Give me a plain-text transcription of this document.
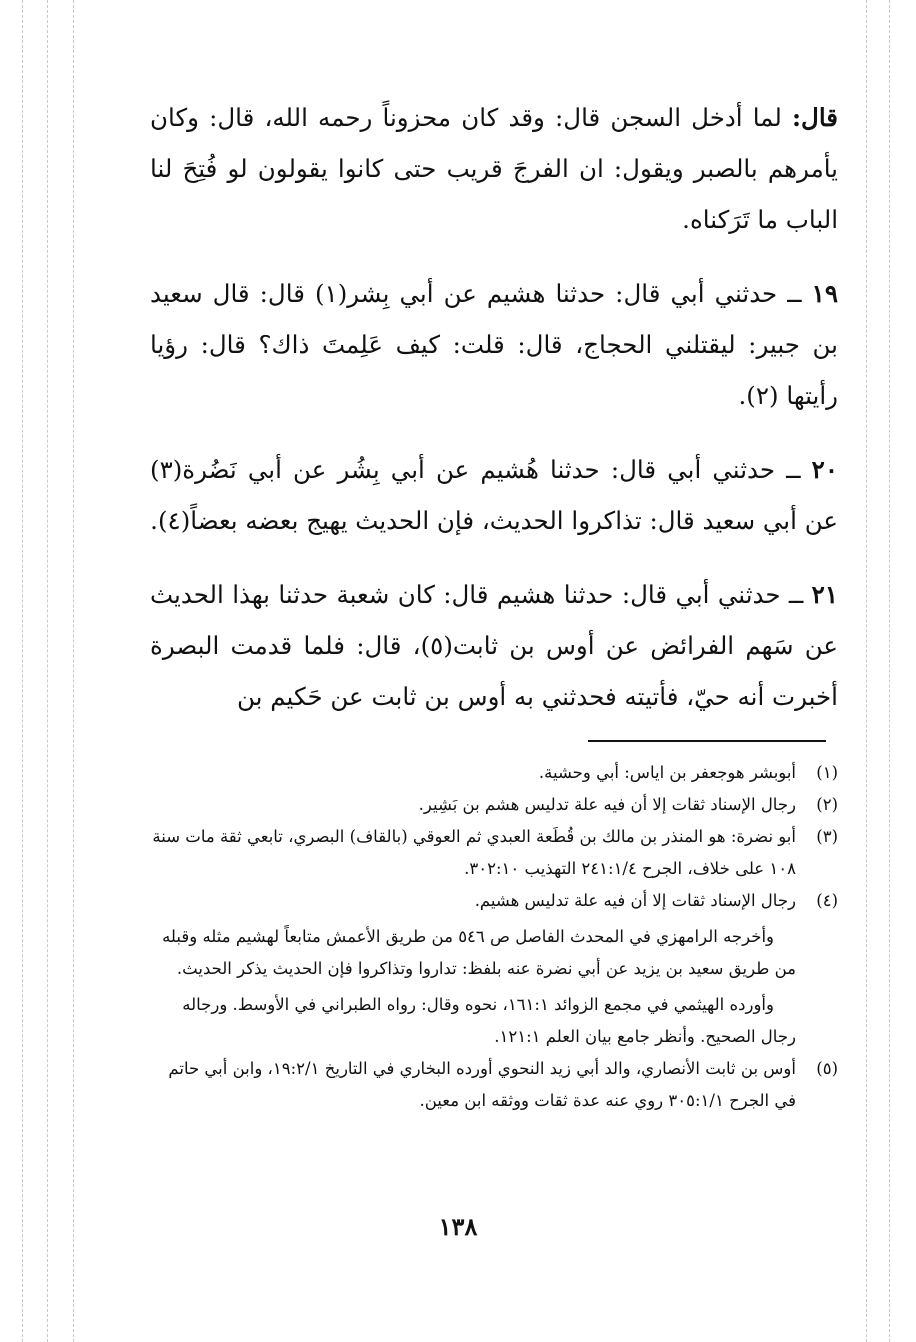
قال: لما أدخل السجن قال: وقد كان محزوناً رحمه الله، قال: وكان يأمرهم بالصبر ويقول: ان الفرجَ قريب حتى كانوا يقولون لو فُتِحَ لنا الباب ما تَرَكناه.

١٩ ــ حدثني أبي قال: حدثنا هشيم عن أبي بِشر(١) قال: قال سعيد بن جبير: ليقتلني الحجاج، قال: قلت: كيف عَلِمتَ ذاك؟ قال: رؤيا رأيتها (٢).

٢٠ ــ حدثني أبي قال: حدثنا هُشيم عن أبي بِشُر عن أبي نَضُرة(٣) عن أبي سعيد قال: تذاكروا الحديث، فإن الحديث يهيج بعضه بعضاً(٤).

٢١ ــ حدثني أبي قال: حدثنا هشيم قال: كان شعبة حدثنا بهذا الحديث عن سَهم الفرائض عن أوس بن ثابت(٥)، قال: فلما قدمت البصرة أخبرت أنه حيّ، فأتيته فحدثني به أوس بن ثابت عن حَكيم بن

(١)
أبوبشر هوجعفر بن اياس: أبي وحشية.
(٢)
رجال الإسناد ثقات إلا أن فيه علة تدليس هشم بن بَشِير.
(٣)
أبو نضرة: هو المنذر بن مالك بن قُطَعة العبدي ثم العوقي (بالقاف) البصري، تابعي ثقة مات سنة ١٠٨ على خلاف، الجرح ٢٤١:١/٤ التهذيب ٣٠٢:١٠.
(٤)
رجال الإسناد ثقات إلا أن فيه علة تدليس هشيم.

وأخرجه الرامهزي في المحدث الفاصل ص ٥٤٦ من طريق الأعمش متابعاً لهشيم مثله وقبله من طريق سعيد بن يزيد عن أبي نضرة عنه بلفظ: تداروا وتذاكروا فإن الحديث يذكر الحديث.

وأورده الهيثمي في مجمع الزوائد ١٦١:١، نحوه وقال: رواه الطبراني في الأوسط. ورجاله رجال الصحيح. وأنظر جامع بيان العلم ١٢١:١.

(٥)
أوس بن ثابت الأنصاري، والد أبي زيد النحوي أورده البخاري في التاريخ ١٩:٢/١، وابن أبي حاتم في الجرح ٣٠٥:١/١ روي عنه عدة ثقات ووثقه ابن معين.
١٣٨
